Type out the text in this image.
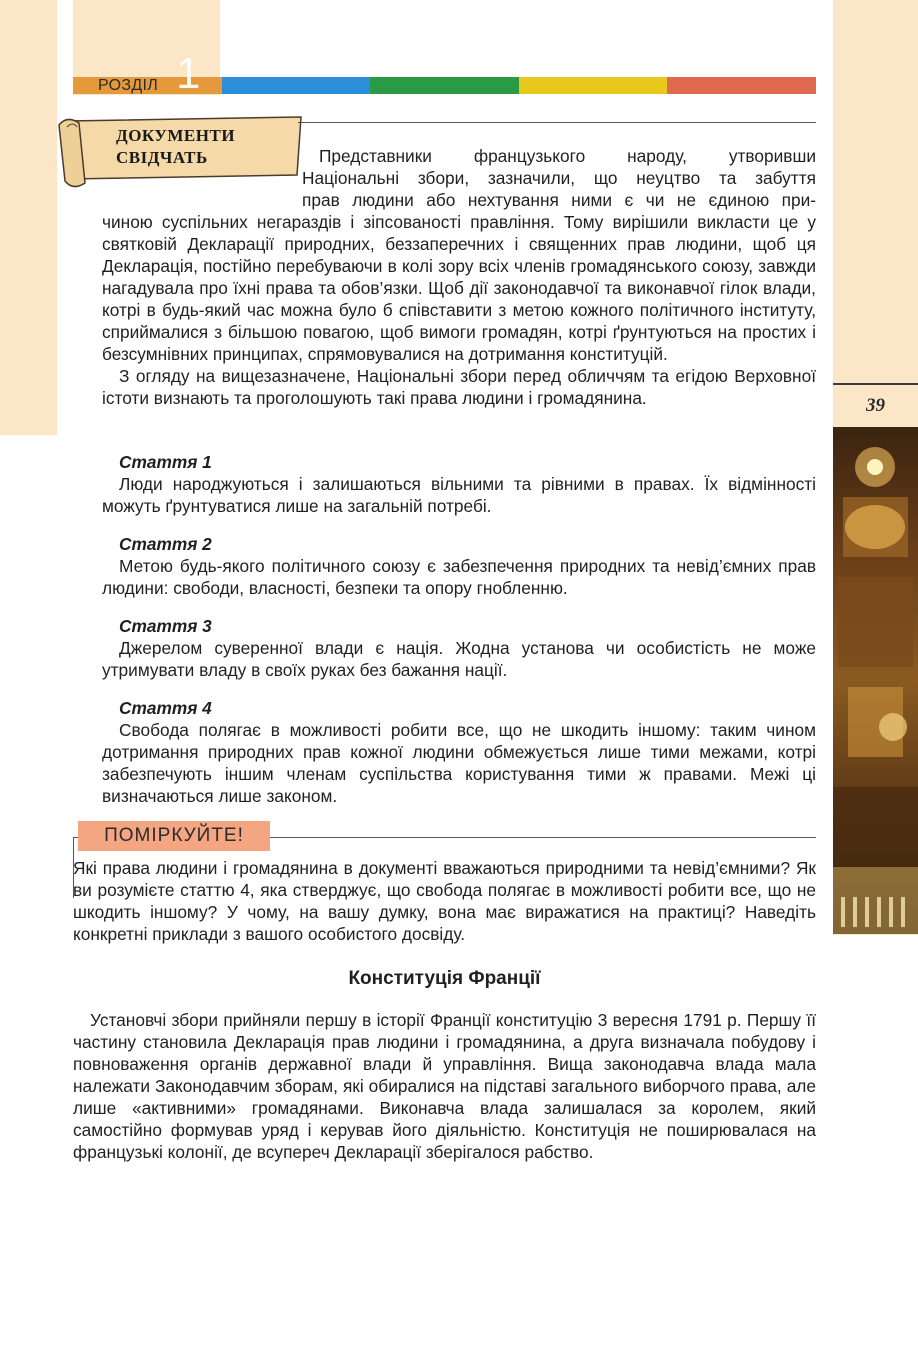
1
РОЗДІЛ
39
ДОКУМЕНТИ
СВІДЧАТЬ	Представники французького народу, утворивши
Національні збори, зазначили, що неуцтво та забуття
прав людини або нехтування ними є чи не єдиною при-

чиною суспільних негараздів і зіпсованості правління. Тому вирішили викласти це у святковій Декларації природних, беззаперечних і священних прав людини, щоб ця Декларація, постійно перебуваючи в колі зору всіх членів громадянського союзу, завжди нагадувала про їхні права та обов’язки. Щоб дії законодавчої та виконавчої гілок влади, котрі в будь-який час можна було б співставити з метою кожного політичного інституту, сприймалися з більшою повагою, щоб вимоги громадян, котрі ґрунтуються на простих і безсумнівних принципах, спрямовувалися на дотримання конституцій.

З огляду на вищезазначене, Національні збори перед обличчям та егідою Верховної істоти визнають та проголошують такі права людини і громадянина.

Стаття 1

Люди народжуються і залишаються вільними та рівними в правах. Їх відмінності можуть ґрунтуватися лише на загальній потребі.

Стаття 2

Метою будь-якого політичного союзу є забезпечення природних та невід’ємних прав людини: свободи, власності, безпеки та опору гнобленню.

Стаття 3

Джерелом суверенної влади є нація. Жодна установа чи особистість не може утримувати владу в своїх руках без бажання нації.

Стаття 4

Свобода полягає в можливості робити все, що не шкодить іншому: таким чином дотримання природних прав кожної людини обмежується лише тими межами, котрі забезпечують іншим членам суспільства користування тими ж правами. Межі ці визначаються лише законом.

ПОМІРКУЙТЕ!

Які права людини і громадянина в документі вважаються природними та невід’ємними? Як ви розумієте статтю 4, яка стверджує, що свобода полягає в можливості робити все, що не шкодить іншому? У чому, на вашу думку, вона має виражатися на практиці? Наведіть конкретні приклади з вашого особистого досвіду.

Конституція Франції

Установчі збори прийняли першу в історії Франції конституцію 3 вересня 1791 р. Першу її частину становила Декларація прав людини і громадянина, а друга визначала побудову і повноваження органів державної влади й управління. Вища законодавча влада мала належати Законодавчим зборам, які обиралися на підставі загального виборчого права, але лише «активними» громадянами. Виконавча влада залишалася за королем, який самостійно формував уряд і керував його діяльністю. Конституція не поширювалася на французькі колонії, де всупереч Декларації зберігалося рабство.
